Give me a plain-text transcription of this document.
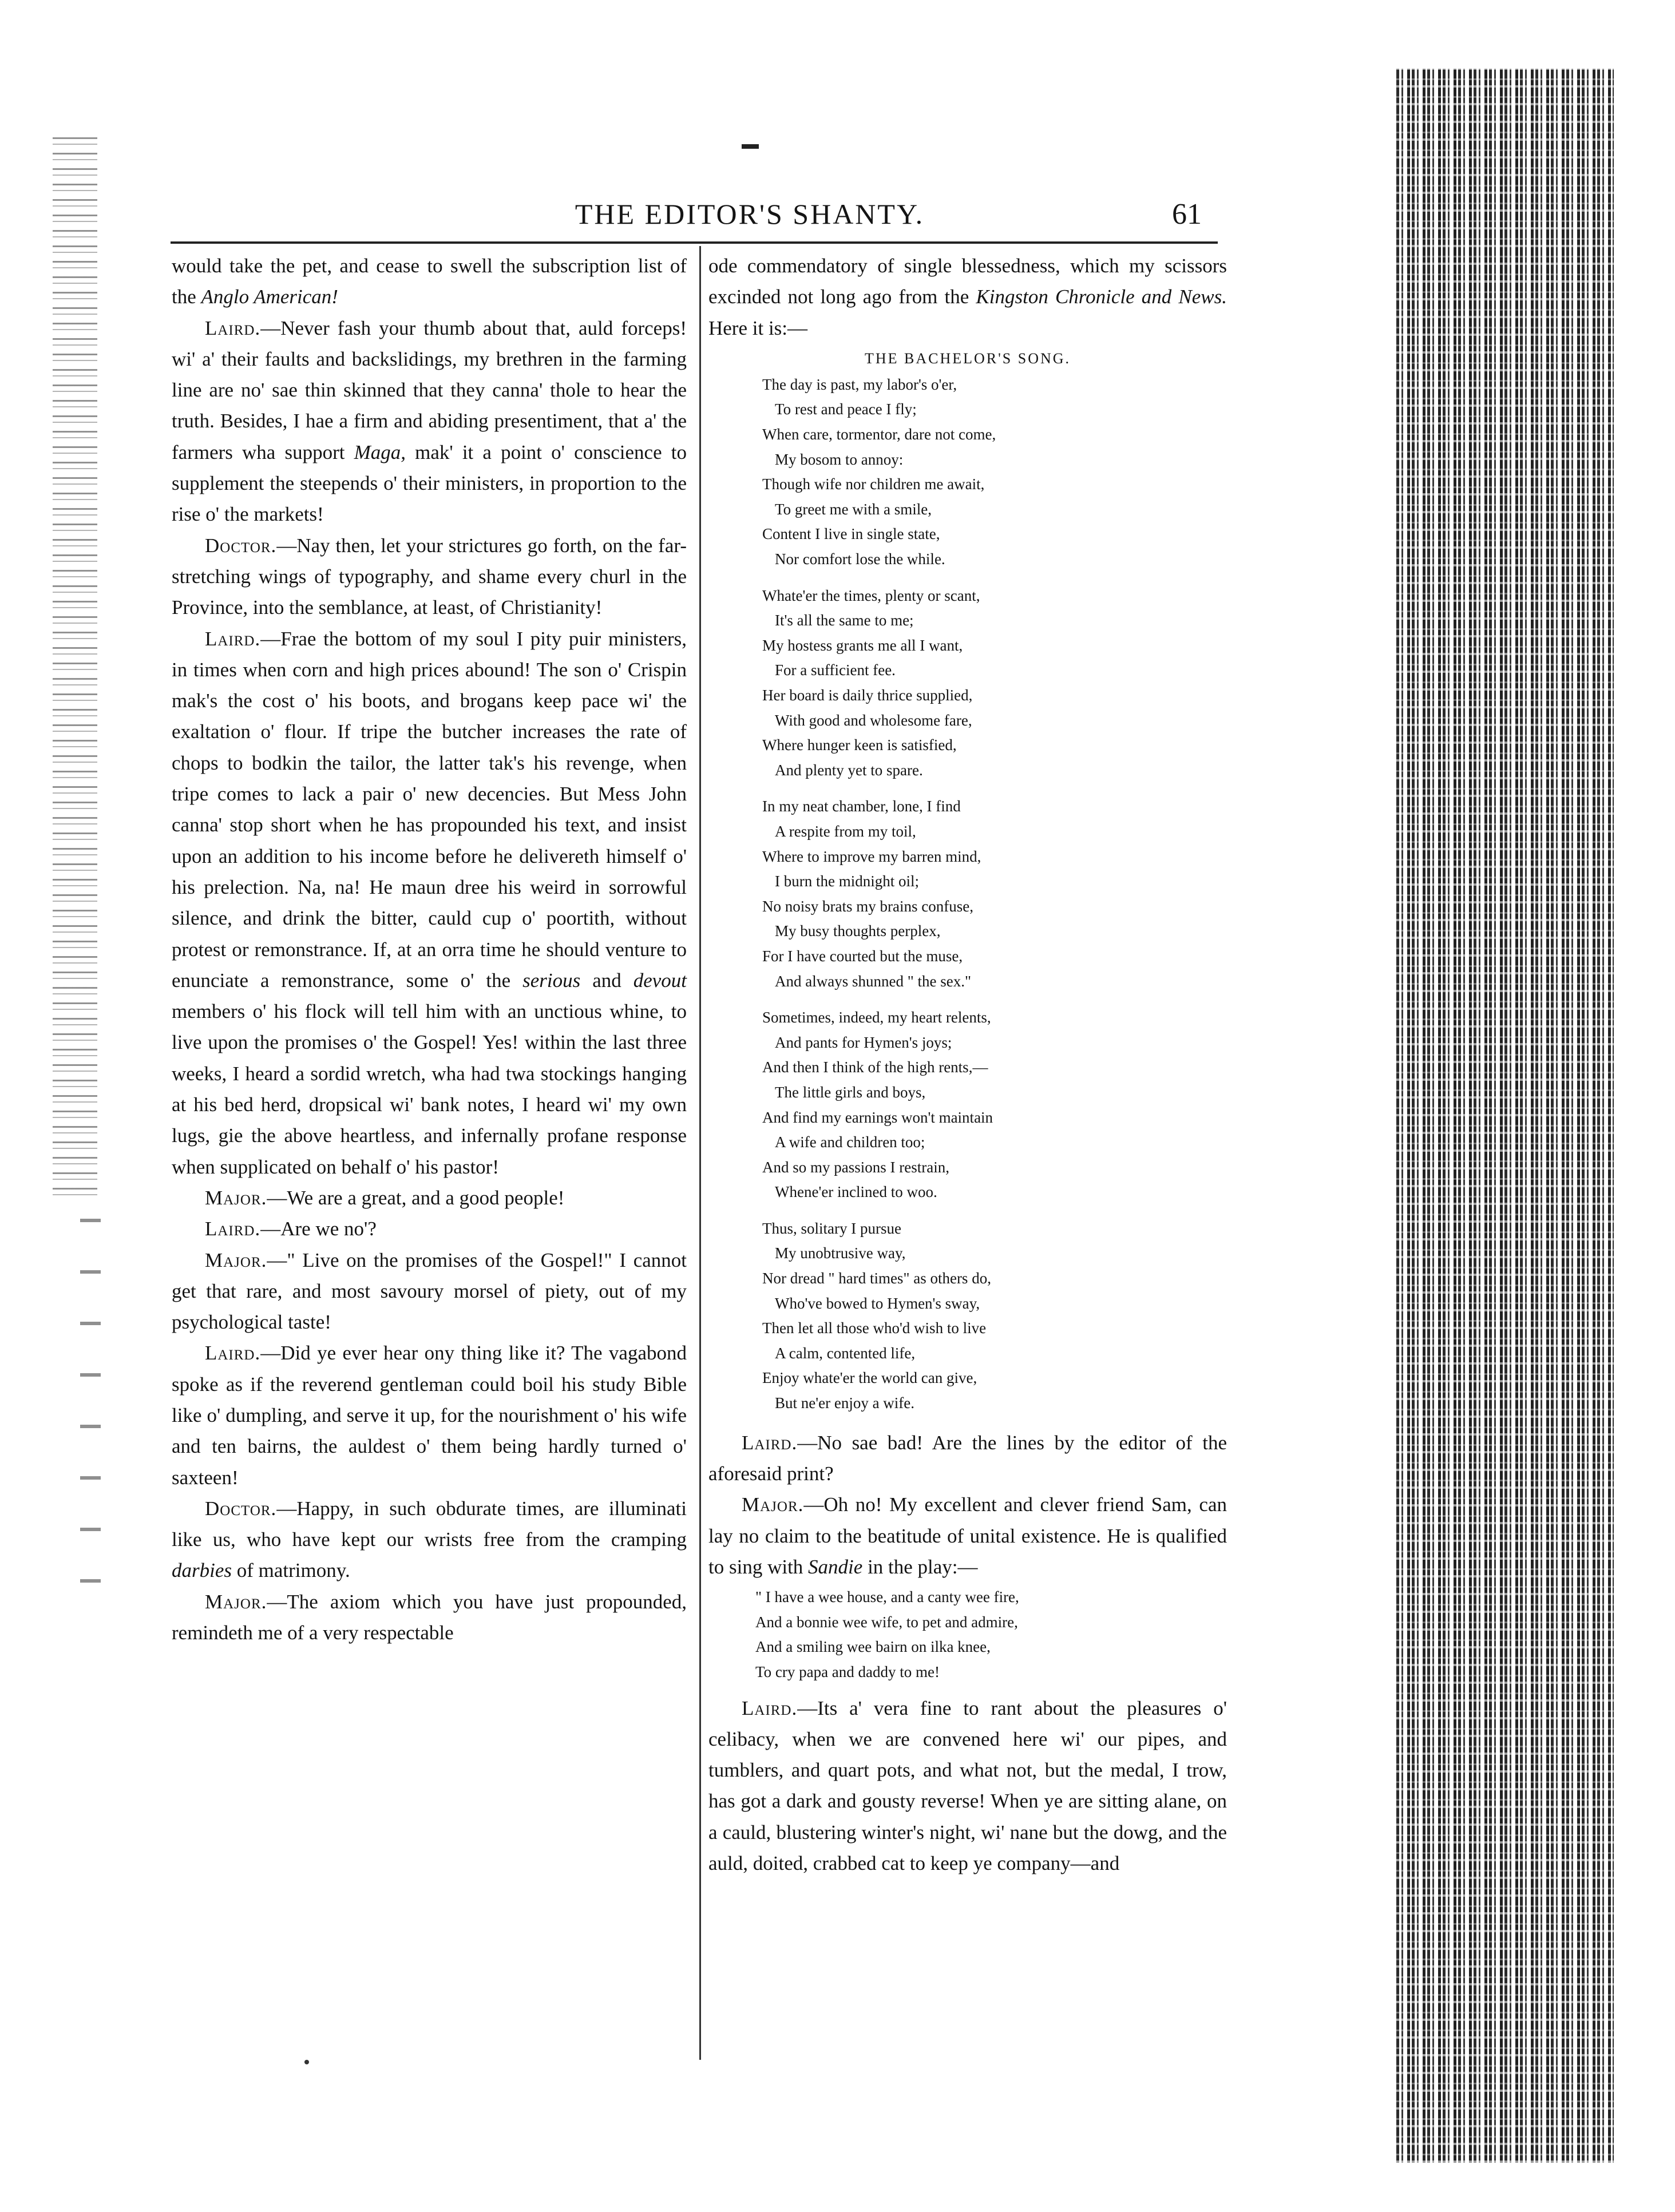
THE EDITOR'S SHANTY.	61

would take the pet, and cease to swell the subscription list of the Anglo American!

Laird.—Never fash your thumb about that, auld forceps! wi' a' their faults and backslidings, my brethren in the farming line are no' sae thin skinned that they canna' thole to hear the truth. Besides, I hae a firm and abiding presentiment, that a' the farmers wha support Maga, mak' it a point o' conscience to supplement the steepends o' their ministers, in proportion to the rise o' the markets!

Doctor.—Nay then, let your strictures go forth, on the far-stretching wings of typography, and shame every churl in the Province, into the semblance, at least, of Christianity!

Laird.—Frae the bottom of my soul I pity puir ministers, in times when corn and high prices abound! The son o' Crispin mak's the cost o' his boots, and brogans keep pace wi' the exaltation o' flour. If tripe the butcher increases the rate of chops to bodkin the tailor, the latter tak's his revenge, when tripe comes to lack a pair o' new decencies. But Mess John canna' stop short when he has propounded his text, and insist upon an addition to his income before he delivereth himself o' his prelection. Na, na! He maun dree his weird in sorrowful silence, and drink the bitter, cauld cup o' poortith, without protest or remonstrance. If, at an orra time he should venture to enunciate a remonstrance, some o' the serious and devout members o' his flock will tell him with an unctious whine, to live upon the promises o' the Gospel! Yes! within the last three weeks, I heard a sordid wretch, wha had twa stockings hanging at his bed herd, dropsical wi' bank notes, I heard wi' my own lugs, gie the above heartless, and infernally profane response when supplicated on behalf o' his pastor!

Major.—We are a great, and a good people!

Laird.—Are we no'?

Major.—" Live on the promises of the Gospel!" I cannot get that rare, and most savoury morsel of piety, out of my psychological taste!

Laird.—Did ye ever hear ony thing like it? The vagabond spoke as if the reverend gentleman could boil his study Bible like o' dumpling, and serve it up, for the nourishment o' his wife and ten bairns, the auldest o' them being hardly turned o' saxteen!

Doctor.—Happy, in such obdurate times, are illuminati like us, who have kept our wrists free from the cramping darbies of matrimony.

Major.—The axiom which you have just propounded, remindeth me of a very respectable

ode commendatory of single blessedness, which my scissors excinded not long ago from the Kingston Chronicle and News. Here it is:—

THE BACHELOR'S SONG.
The day is past, my labor's o'er,
To rest and peace I fly;
When care, tormentor, dare not come,
My bosom to annoy:
Though wife nor children me await,
To greet me with a smile,
Content I live in single state,
Nor comfort lose the while.
Whate'er the times, plenty or scant,
It's all the same to me;
My hostess grants me all I want,
For a sufficient fee.
Her board is daily thrice supplied,
With good and wholesome fare,
Where hunger keen is satisfied,
And plenty yet to spare.
In my neat chamber, lone, I find
A respite from my toil,
Where to improve my barren mind,
I burn the midnight oil;
No noisy brats my brains confuse,
My busy thoughts perplex,
For I have courted but the muse,
And always shunned " the sex."
Sometimes, indeed, my heart relents,
And pants for Hymen's joys;
And then I think of the high rents,—
The little girls and boys,
And find my earnings won't maintain
A wife and children too;
And so my passions I restrain,
Whene'er inclined to woo.
Thus, solitary I pursue
My unobtrusive way,
Nor dread " hard times" as others do,
Who've bowed to Hymen's sway,
Then let all those who'd wish to live
A calm, contented life,
Enjoy whate'er the world can give,
But ne'er enjoy a wife.

Laird.—No sae bad! Are the lines by the editor of the aforesaid print?

Major.—Oh no! My excellent and clever friend Sam, can lay no claim to the beatitude of unital existence. He is qualified to sing with Sandie in the play:—

" I have a wee house, and a canty wee fire,
And a bonnie wee wife, to pet and admire,
And a smiling wee bairn on ilka knee,
To cry papa and daddy to me!

Laird.—Its a' vera fine to rant about the pleasures o' celibacy, when we are convened here wi' our pipes, and tumblers, and quart pots, and what not, but the medal, I trow, has got a dark and gousty reverse! When ye are sitting alane, on a cauld, blustering winter's night, wi' nane but the dowg, and the auld, doited, crabbed cat to keep ye company—and
